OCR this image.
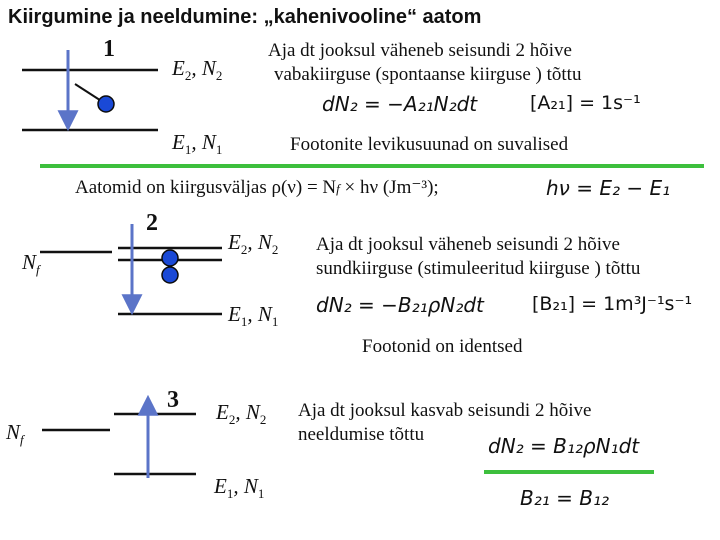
Kiirgumine ja neeldumine: „kahenivooline“ aatom
1
$E_2$, $N_2$
$E_1$, $N_1$
Aja dt jooksul väheneb seisundi 2 hõive
vabakiirguse (spontaanse kiirguse ) tõttu
dN₂ = −A₂₁N₂dt	[A₂₁] = 1s⁻¹
Footonite levikusuunad on suvalised
Aatomid on kiirgusväljas ρ(ν) = Nf × hν (Jm⁻³);	hν = E₂ − E₁
2
$N_f$
$E_2$, $N_2$
$E_1$, $N_1$
Aja dt jooksul väheneb seisundi 2 hõive
sundkiirguse (stimuleeritud kiirguse ) tõttu
dN₂ = −B₂₁ρN₂dt	[B₂₁] = 1m³J⁻¹s⁻¹
Footonid on identsed
3
$N_f$
$E_2$, $N_2$
$E_1$, $N_1$
Aja dt jooksul kasvab seisundi 2 hõive
neeldumise tõttu	dN₂ = B₁₂ρN₁dt
B₂₁ = B₁₂
